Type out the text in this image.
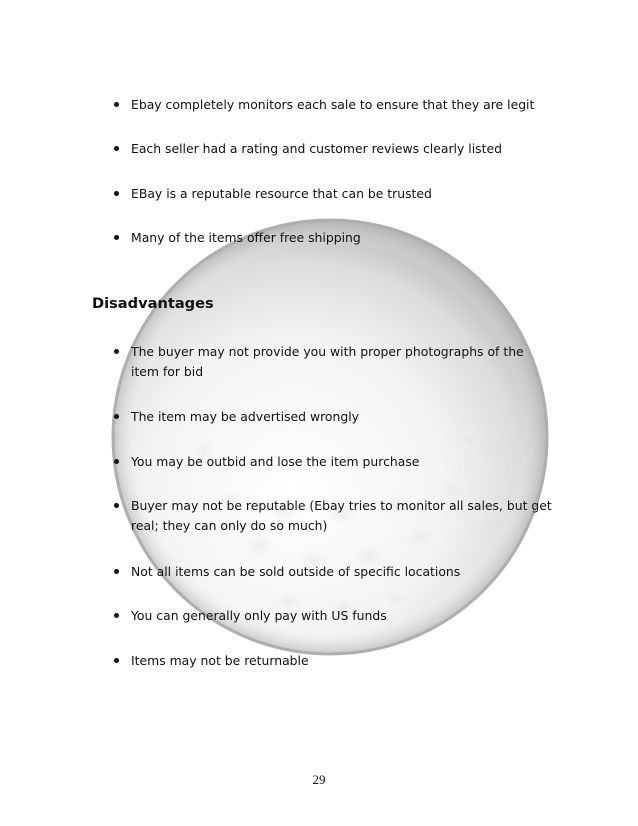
Ebay completely monitors each sale to ensure that they are legit
Each seller had a rating and customer reviews clearly listed
EBay is a reputable resource that can be trusted
Many of the items offer free shipping
Disadvantages
The buyer may not provide you with proper photographs of the item for bid
The item may be advertised wrongly
You may be outbid and lose the item purchase
Buyer may not be reputable (Ebay tries to monitor all sales, but get real; they can only do so much)
Not all items can be sold outside of specific locations
You can generally only pay with US funds
Items may not be returnable
29
